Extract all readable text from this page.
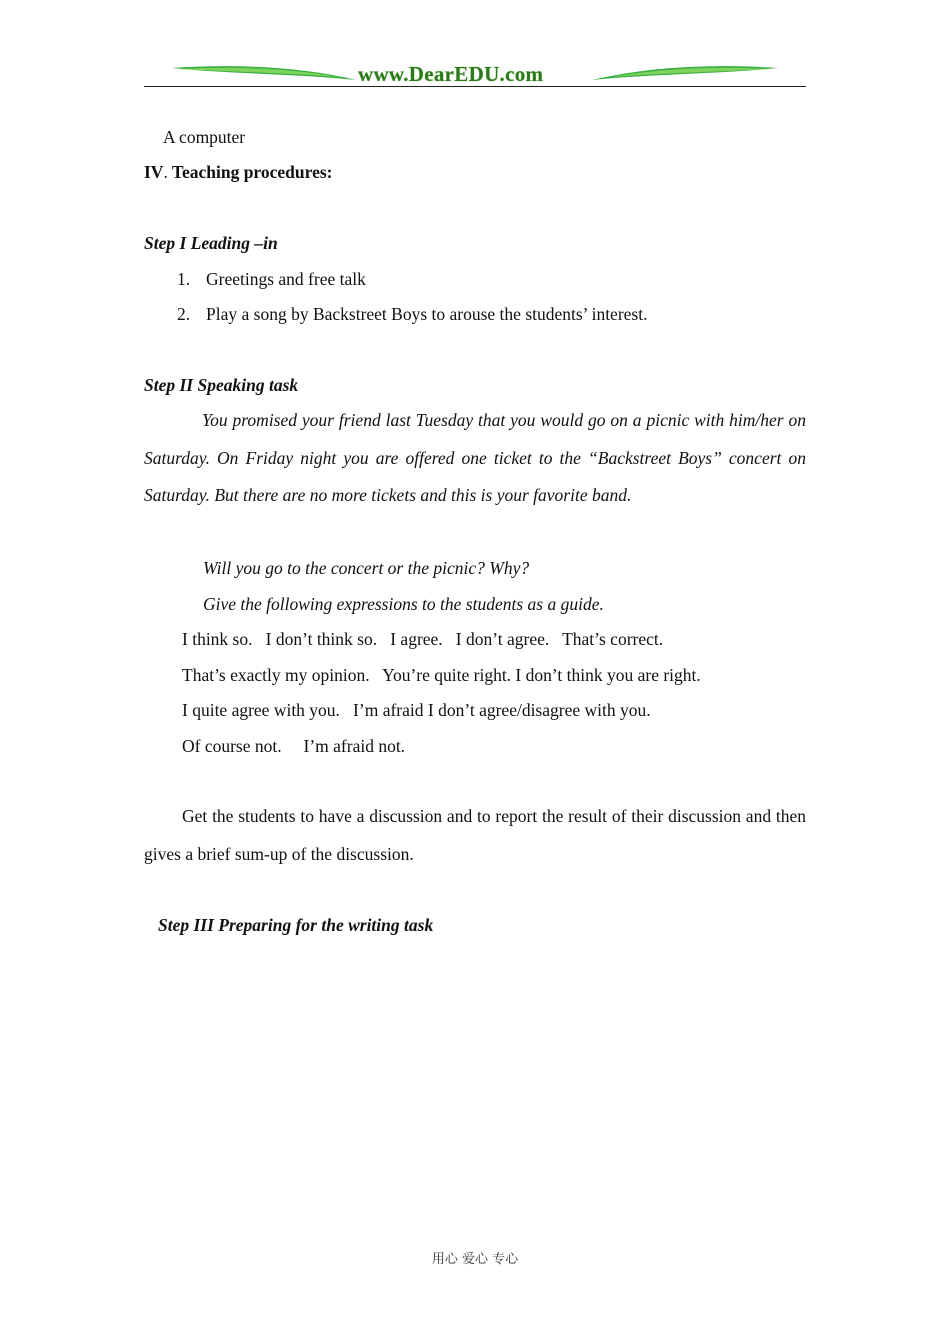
www.DearEDU.com
A computer
IV. Teaching procedures:
Step I Leading –in
1. Greetings and free talk
2. Play a song by Backstreet Boys to arouse the students’ interest.
Step II Speaking task
You promised your friend last Tuesday that you would go on a picnic with him/her on Saturday. On Friday night you are offered one ticket to the “Backstreet Boys” concert on Saturday. But there are no more tickets and this is your favorite band.
Will you go to the concert or the picnic? Why?
Give the following expressions to the students as a guide.
I think so.   I don’t think so.   I agree.   I don’t agree.   That’s correct.
That’s exactly my opinion.   You’re quite right. I don’t think you are right.
I quite agree with you.   I’m afraid I don’t agree/disagree with you.
Of course not.     I’m afraid not.
Get the students to have a discussion and to report the result of their discussion and then gives a brief sum-up of the discussion.
Step III Preparing for the writing task
用心 爱心 专心
